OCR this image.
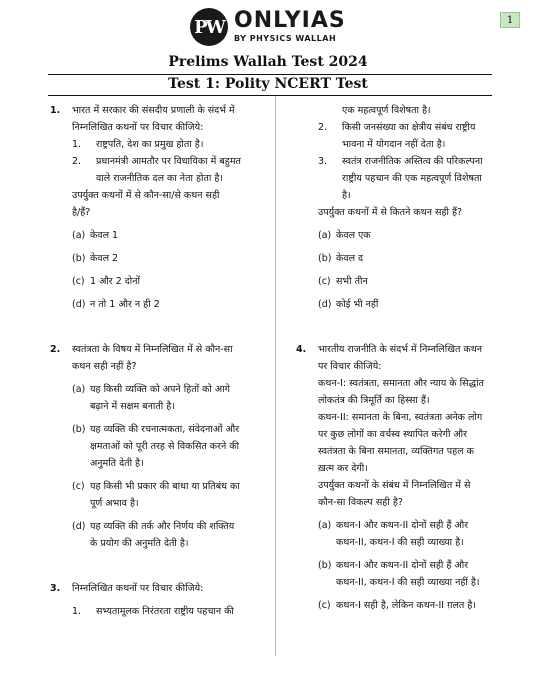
PW ONLYIAS
BY PHYSICS WALLAH
1
Prelims Wallah Test 2024
Test 1: Polity NCERT Test
1. भारत में सरकार की संसदीय प्रणाली के संदर्भ में
निम्नलिखित कथनों पर विचार कीजिये:
1. राष्ट्रपति, देश का प्रमुख होता है।
2. प्रधानमंत्री आमतौर पर विधायिका में बहुमत
वाले राजनीतिक दल का नेता होता है।
उपर्युक्त कथनों में से कौन-सा/से कथन सही
है/हैं?
(a) केवल 1
(b) केवल 2
(c) 1 और 2 दोनों
(d) न तो 1 और न ही 2
2. स्वतंत्रता के विषय में निम्नलिखित में से कौन-सा
कथन सही नहीं है?
(a) यह किसी व्यक्ति को अपने हितों को आगे
बढ़ाने में सक्षम बनाती है।
(b) यह व्यक्ति की रचनात्मकता, संवेदनाओं और
क्षमताओं को पूरी तरह से विकसित करने की
अनुमति देती है।
(c) यह किसी भी प्रकार की बाधा या प्रतिबंध का
पूर्ण अभाव है।
(d) यह व्यक्ति की तर्क और निर्णय की शक्तिय
के प्रयोग की अनुमति देती है।
3. निम्नलिखित कथनों पर विचार कीजिये:
1. सभ्यतामूलक निरंतरता राष्ट्रीय पहचान की
एक महत्वपूर्ण विशेषता है।
2. किसी जनसंख्या का क्षेत्रीय संबंध राष्ट्रीय
भावना में योगदान नहीं देता है।
3. स्वतंत्र राजनीतिक अस्तित्व की परिकल्पना
राष्ट्रीय पहचान की एक महत्वपूर्ण विशेषता
है।
उपर्युक्त कथनों में से कितने कथन सही हैं?
(a) केवल एक
(b) केवल द
(c) सभी तीन
(d) कोई भी नहीं
4. भारतीय राजनीति के संदर्भ में निम्नलिखित कथन
पर विचार कीजिये:
कथन-I: स्वतंत्रता, समानता और न्याय के सिद्धांत
लोकतंत्र की त्रिमूर्ति का हिस्सा हैं।
कथन-II: समानता के बिना, स्वतंत्रता अनेक लोग
पर कुछ लोगों का वर्चस्व स्थापित करेगी और
स्वतंत्रता के बिना समानता, व्यक्तिगत पहल क
ख़त्म कर देगी।
उपर्युक्त कथनों के संबंध में निम्नलिखित में से
कौन-सा विकल्प सही है?
(a) कथन-I और कथन-II दोनों सही हैं और
कथन-II, कथन-I की सही व्याख्या है।
(b) कथन-I और कथन-II दोनों सही हैं और
कथन-II, कथन-I की सही व्याख्या नहीं है।
(c) कथन-I सही है, लेकिन कथन-II ग़लत है।
